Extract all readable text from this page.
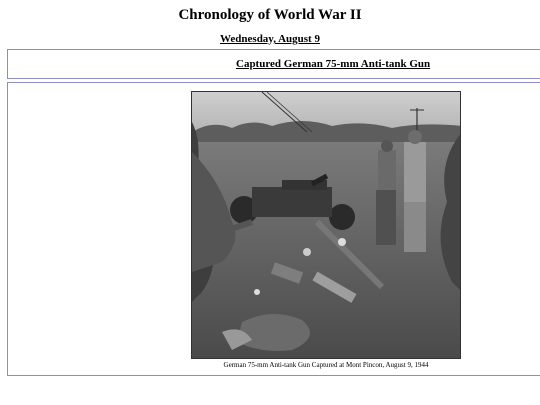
Chronology of World War II
Wednesday, August 9
Captured German 75-mm Anti-tank Gun
German 75-mm Anti-tank Gun Captured at Mont Pincon, August 9, 1944
